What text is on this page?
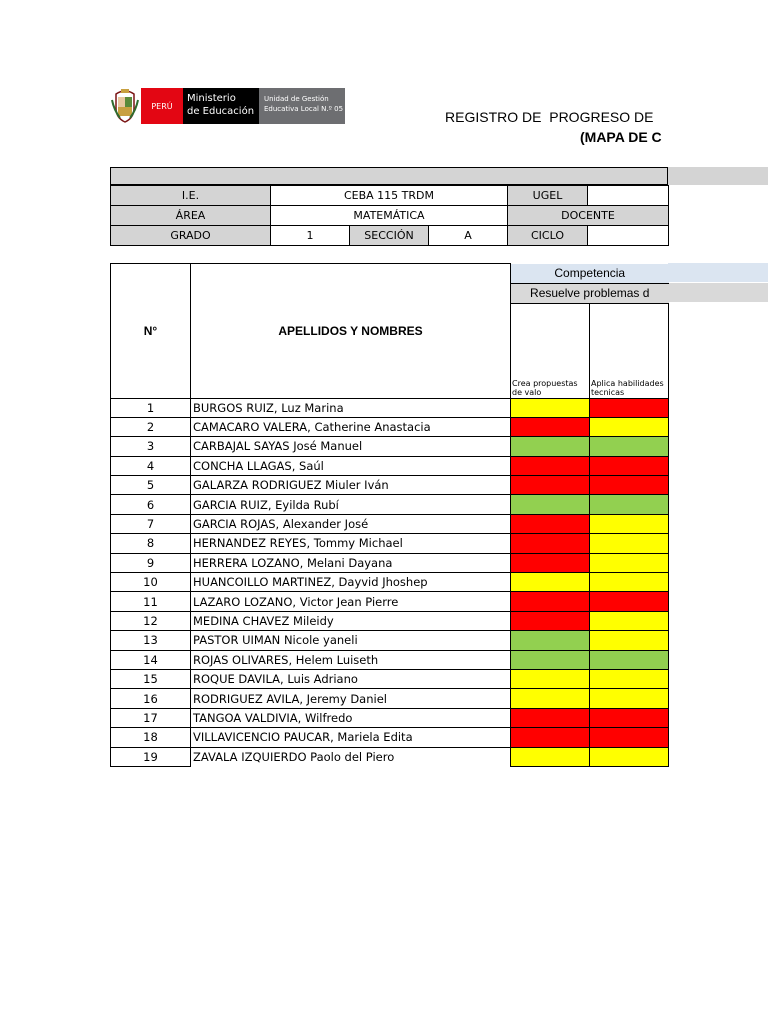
PERÚ
Ministerio
de Educación
Unidad de Gestión
Educativa Local N.º 05	REGISTRO DE  PROGRESO DE
(MAPA DE C
I.E.	CEBA 115 TRDM			UGEL	
ÁREA	MATEMÁTICA			DOCENTE	
GRADO	1	SECCIÓN	A	CICLO	
N°	APELLIDOS Y NOMBRES	Competencia	
		Resuelve problemas d	
		Crea propuestas de valo	Aplica habilidades tecnicas
1	BURGOS RUIZ, Luz Marina		
2	CAMACARO VALERA, Catherine Anastacia		
3	CARBAJAL SAYAS José Manuel		
4	CONCHA LLAGAS, Saúl		
5	GALARZA RODRIGUEZ Miuler Iván		
6	GARCIA RUIZ, Eyilda Rubí		
7	GARCIA ROJAS, Alexander José		
8	HERNANDEZ REYES, Tommy Michael		
9	HERRERA LOZANO, Melani Dayana		
10	HUANCOILLO MARTINEZ, Dayvid Jhoshep		
11	LAZARO LOZANO, Victor Jean Pierre		
12	MEDINA CHAVEZ Mileidy		
13	PASTOR UIMAN Nicole yaneli		
14	ROJAS OLIVARES, Helem Luiseth		
15	ROQUE DAVILA, Luis Adriano		
16	RODRIGUEZ AVILA, Jeremy Daniel		
17	TANGOA VALDIVIA, Wilfredo		
18	VILLAVICENCIO PAUCAR, Mariela Edita		
19	ZAVALA IZQUIERDO Paolo del Piero		
